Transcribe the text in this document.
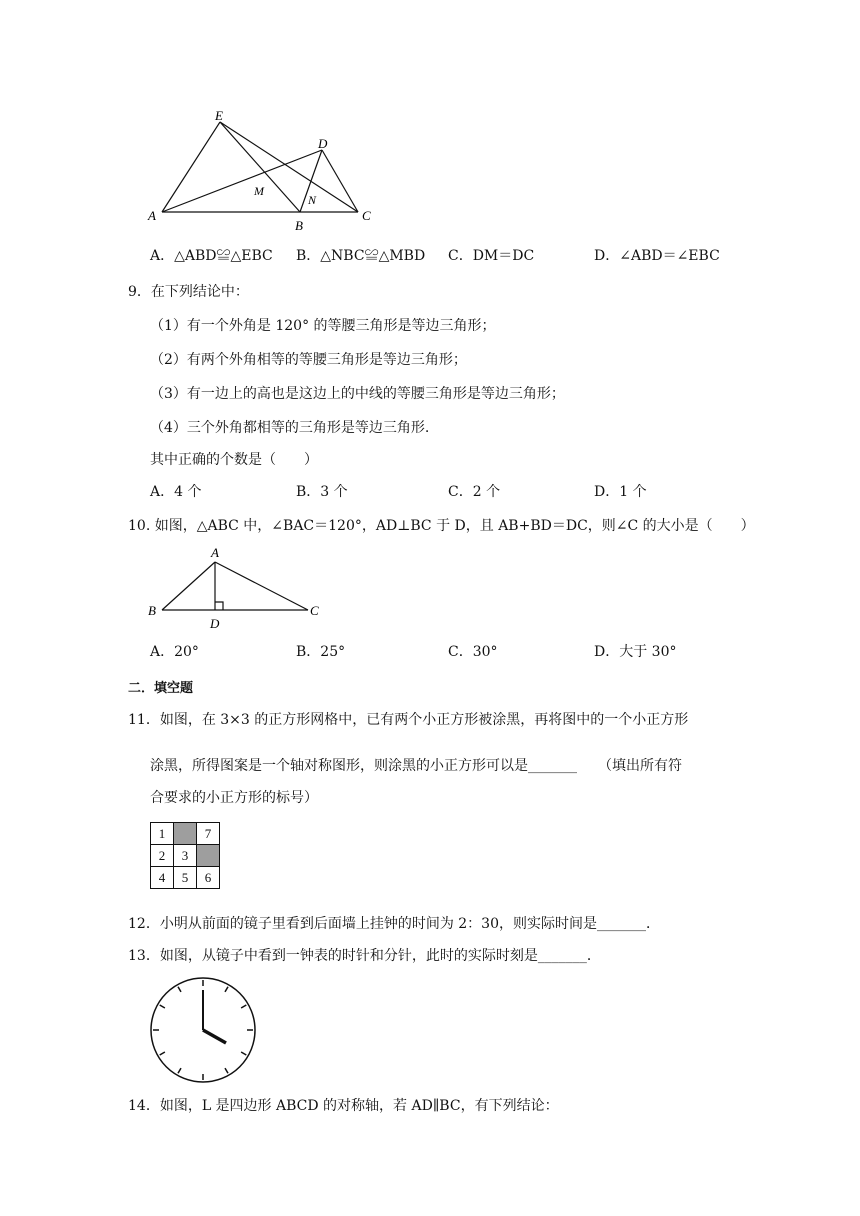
E
D
M
N
A
B
C
A．△ABD≌△EBC B．△NBC≌△MBD C．DM＝DC	D．∠ABD＝∠EBC
9．在下列结论中：
（1）有一个外角是 120° 的等腰三角形是等边三角形；
（2）有两个外角相等的等腰三角形是等边三角形；
（3）有一边上的高也是这边上的中线的等腰三角形是等边三角形；
（4）三个外角都相等的三角形是等边三角形.
其中正确的个数是（　　）
A．4 个	B．3 个	C．2 个	D．1 个
10. 如图，△ABC 中，∠BAC＝120°，AD⊥BC 于 D，且 AB+BD＝DC，则∠C 的大小是（　　）
A
B	C
D
A．20°	B．25°	C．30°	D．大于 30°
二．填空题
11．如图，在 3×3 的正方形网格中，已有两个小正方形被涂黑，再将图中的一个小正方形
涂黑，所得图案是一个轴对称图形，则涂黑的小正方形可以是_______　　（填出所有符
合要求的小正方形的标号）
1		7
2	3	
4	5	6
12．小明从前面的镜子里看到后面墙上挂钟的时间为 2：30，则实际时间是_______．
13．如图，从镜子中看到一钟表的时针和分针，此时的实际时刻是_______．
14．如图，L 是四边形 ABCD 的对称轴，若 AD∥BC，有下列结论：
